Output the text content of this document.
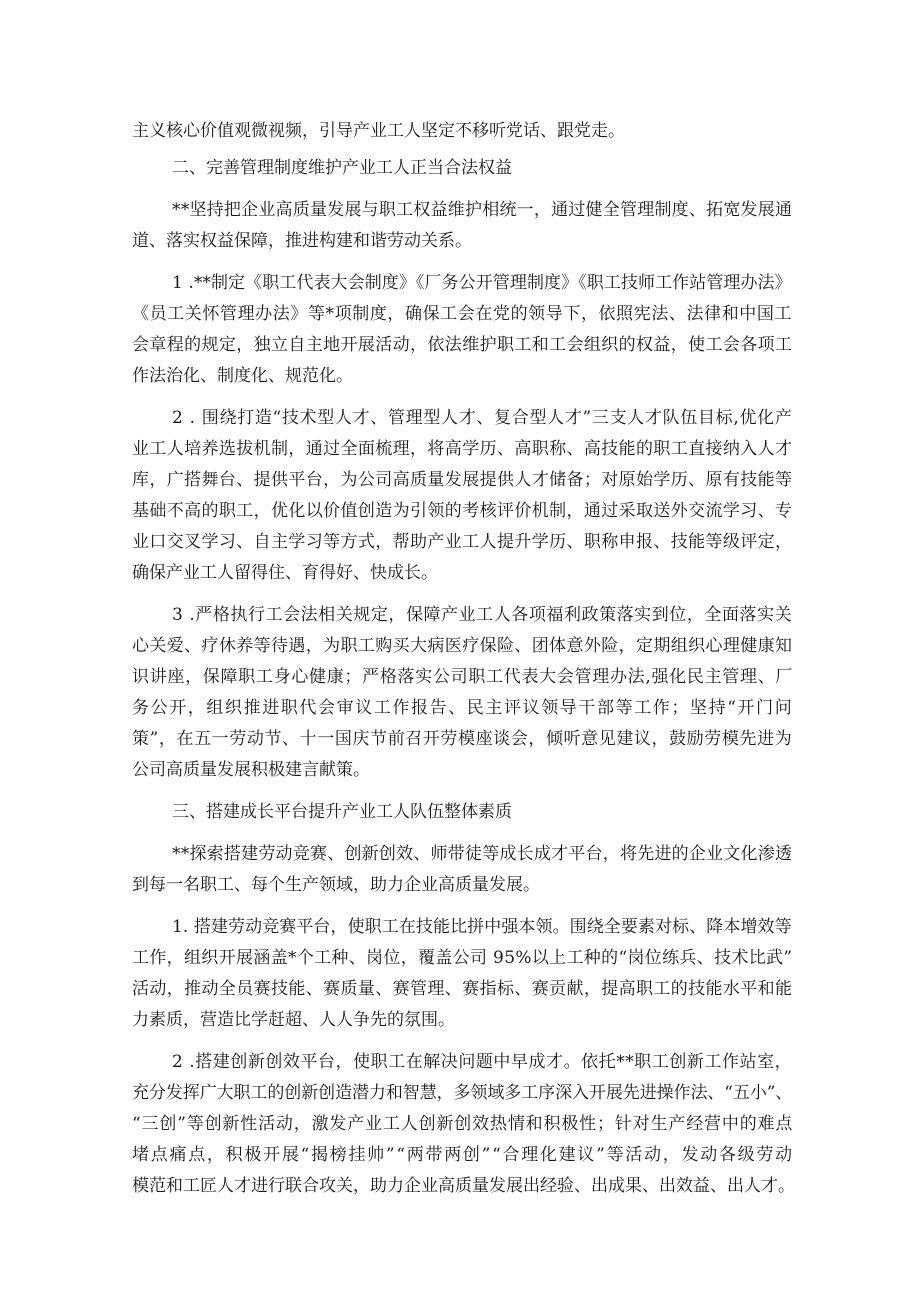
主义核心价值观微视频，引导产业工人坚定不移听党话、跟党走。
二、完善管理制度维护产业工人正当合法权益
**坚持把企业高质量发展与职工权益维护相统一，通过健全管理制度、拓宽发展通
道、落实权益保障，推进构建和谐劳动关系。
1 .**制定《职工代表大会制度》《厂务公开管理制度》《职工技师工作站管理办法》
《员工关怀管理办法》等*项制度，确保工会在党的领导下，依照宪法、法律和中国工
会章程的规定，独立自主地开展活动，依法维护职工和工会组织的权益，使工会各项工
作法治化、制度化、规范化。
2 . 围绕打造“技术型人才、管理型人才、复合型人才”三支人才队伍目标,优化产
业工人培养选拔机制，通过全面梳理，将高学历、高职称、高技能的职工直接纳入人才
库，广搭舞台、提供平台，为公司高质量发展提供人才储备；对原始学历、原有技能等
基础不高的职工，优化以价值创造为引领的考核评价机制，通过采取送外交流学习、专
业口交叉学习、自主学习等方式，帮助产业工人提升学历、职称申报、技能等级评定，
确保产业工人留得住、育得好、快成长。
3 .严格执行工会法相关规定，保障产业工人各项福利政策落实到位，全面落实关
心关爱、疗休养等待遇，为职工购买大病医疗保险、团体意外险，定期组织心理健康知
识讲座，保障职工身心健康；严格落实公司职工代表大会管理办法,强化民主管理、厂
务公开，组织推进职代会审议工作报告、民主评议领导干部等工作；坚持“开门问
策”，在五一劳动节、十一国庆节前召开劳模座谈会，倾听意见建议，鼓励劳模先进为
公司高质量发展积极建言献策。
三、搭建成长平台提升产业工人队伍整体素质
**探索搭建劳动竞赛、创新创效、师带徒等成长成才平台，将先进的企业文化渗透
到每一名职工、每个生产领域，助力企业高质量发展。
1. 搭建劳动竞赛平台，使职工在技能比拼中强本领。围绕全要素对标、降本增效等
工作，组织开展涵盖*个工种、岗位，覆盖公司 95%以上工种的“岗位练兵、技术比武”
活动，推动全员赛技能、赛质量、赛管理、赛指标、赛贡献，提高职工的技能水平和能
力素质，营造比学赶超、人人争先的氛围。
2 .搭建创新创效平台，使职工在解决问题中早成才。依托**职工创新工作站室，
充分发挥广大职工的创新创造潜力和智慧，多领域多工序深入开展先进操作法、“五小”、
“三创”等创新性活动，激发产业工人创新创效热情和积极性；针对生产经营中的难点
堵点痛点，积极开展“揭榜挂帅”“两带两创”“合理化建议”等活动，发动各级劳动
模范和工匠人才进行联合攻关，助力企业高质量发展出经验、出成果、出效益、出人才。
